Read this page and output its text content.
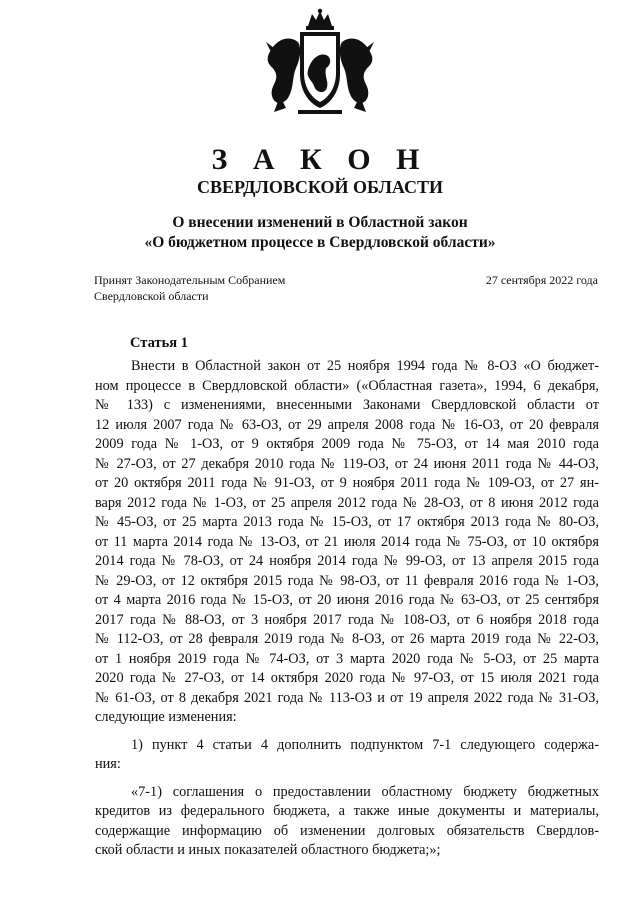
З А К О Н
СВЕРДЛОВСКОЙ ОБЛАСТИ
О внесении изменений в Областной закон
«О бюджетном процессе в Свердловской области»
Принят Законодательным Собранием
Свердловской области
27 сентября 2022 года
Статья 1
Внести в Областной закон от 25 ноября 1994 года № 8-ОЗ «О бюджет-
ном процессе в Свердловской области» («Областная газета», 1994, 6 декабря,
№ 133) с изменениями, внесенными Законами Свердловской области от
12 июля 2007 года № 63-ОЗ, от 29 апреля 2008 года № 16-ОЗ, от 20 февраля
2009 года № 1-ОЗ, от 9 октября 2009 года № 75-ОЗ, от 14 мая 2010 года
№ 27-ОЗ, от 27 декабря 2010 года № 119-ОЗ, от 24 июня 2011 года № 44-ОЗ,
от 20 октября 2011 года № 91-ОЗ, от 9 ноября 2011 года № 109-ОЗ, от 27 ян-
варя 2012 года № 1-ОЗ, от 25 апреля 2012 года № 28-ОЗ, от 8 июня 2012 года
№ 45-ОЗ, от 25 марта 2013 года № 15-ОЗ, от 17 октября 2013 года № 80-ОЗ,
от 11 марта 2014 года № 13-ОЗ, от 21 июля 2014 года № 75-ОЗ, от 10 октября
2014 года № 78-ОЗ, от 24 ноября 2014 года № 99-ОЗ, от 13 апреля 2015 года
№ 29-ОЗ, от 12 октября 2015 года № 98-ОЗ, от 11 февраля 2016 года № 1-ОЗ,
от 4 марта 2016 года № 15-ОЗ, от 20 июня 2016 года № 63-ОЗ, от 25 сентября
2017 года № 88-ОЗ, от 3 ноября 2017 года № 108-ОЗ, от 6 ноября 2018 года
№ 112-ОЗ, от 28 февраля 2019 года № 8-ОЗ, от 26 марта 2019 года № 22-ОЗ,
от 1 ноября 2019 года № 74-ОЗ, от 3 марта 2020 года № 5-ОЗ, от 25 марта
2020 года № 27-ОЗ, от 14 октября 2020 года № 97-ОЗ, от 15 июля 2021 года
№ 61-ОЗ, от 8 декабря 2021 года № 113-ОЗ и от 19 апреля 2022 года № 31-ОЗ,
следующие изменения:
1) пункт 4 статьи 4 дополнить подпунктом 7-1 следующего содержа-
ния:
«7-1) соглашения о предоставлении областному бюджету бюджетных
кредитов из федерального бюджета, а также иные документы и материалы,
содержащие информацию об изменении долговых обязательств Свердлов-
ской области и иных показателей областного бюджета;»;
